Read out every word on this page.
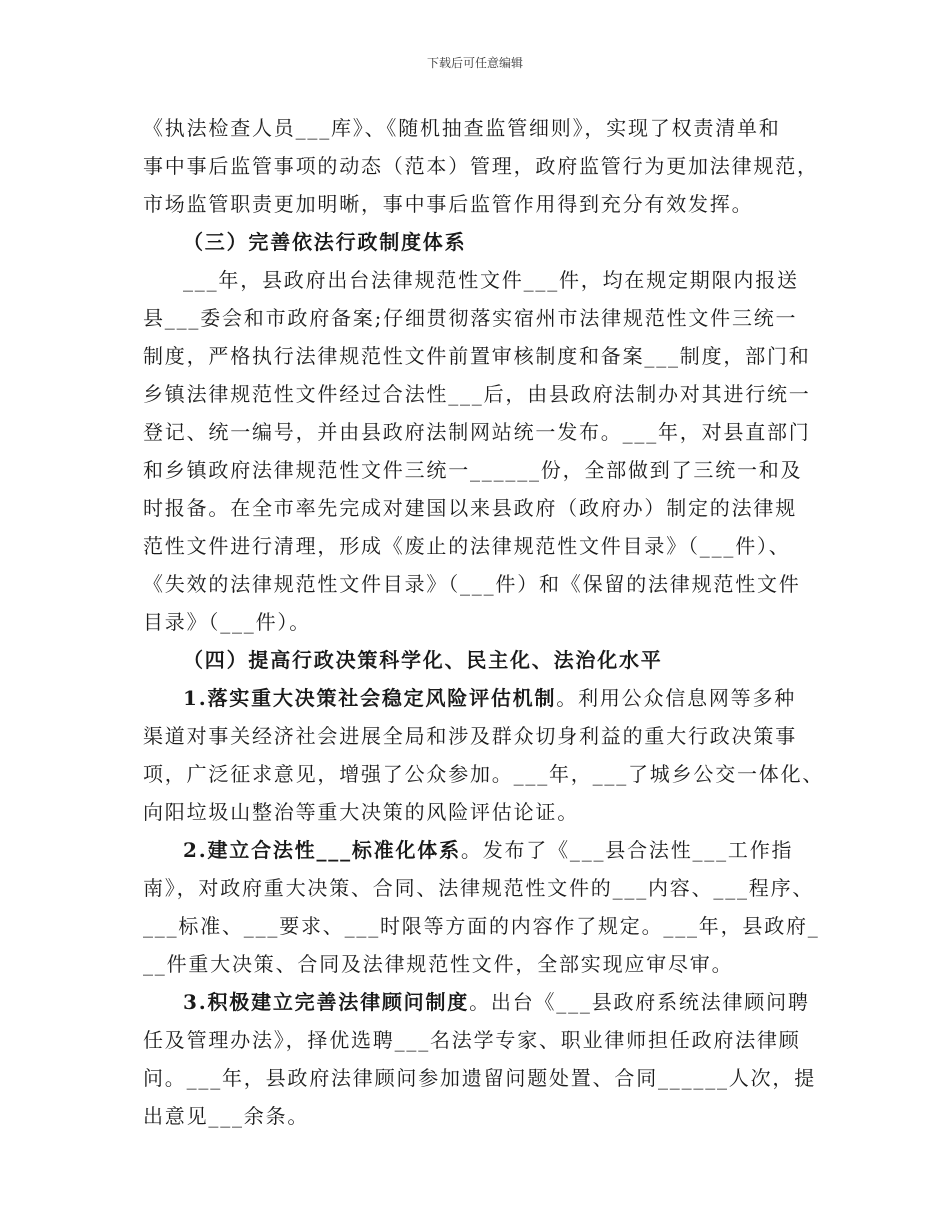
下载后可任意编辑
《执法检查人员___库》、《随机抽查监管细则》，实现了权责清单和
事中事后监管事项的动态（范本）管理，政府监管行为更加法律规范，
市场监管职责更加明晰，事中事后监管作用得到充分有效发挥。
（三）完善依法行政制度体系
___年，县政府出台法律规范性文件___件，均在规定期限内报送
县___委会和市政府备案;仔细贯彻落实宿州市法律规范性文件三统一
制度，严格执行法律规范性文件前置审核制度和备案___制度，部门和
乡镇法律规范性文件经过合法性___后，由县政府法制办对其进行统一
登记、统一编号，并由县政府法制网站统一发布。___年，对县直部门
和乡镇政府法律规范性文件三统一______份，全部做到了三统一和及
时报备。在全市率先完成对建国以来县政府（政府办）制定的法律规
范性文件进行清理，形成《废止的法律规范性文件目录》（___件）、
《失效的法律规范性文件目录》（___件）和《保留的法律规范性文件
目录》（___件）。
（四）提高行政决策科学化、民主化、法治化水平
1.落实重大决策社会稳定风险评估机制。利用公众信息网等多种
渠道对事关经济社会进展全局和涉及群众切身利益的重大行政决策事
项，广泛征求意见，增强了公众参加。___年，___了城乡公交一体化、
向阳垃圾山整治等重大决策的风险评估论证。
2.建立合法性___标准化体系。发布了《___县合法性___工作指
南》，对政府重大决策、合同、法律规范性文件的___内容、___程序、
___标准、___要求、___时限等方面的内容作了规定。___年，县政府_
__件重大决策、合同及法律规范性文件，全部实现应审尽审。
3.积极建立完善法律顾问制度。出台《___县政府系统法律顾问聘
任及管理办法》，择优选聘___名法学专家、职业律师担任政府法律顾
问。___年，县政府法律顾问参加遗留问题处置、合同______人次，提
出意见___余条。
